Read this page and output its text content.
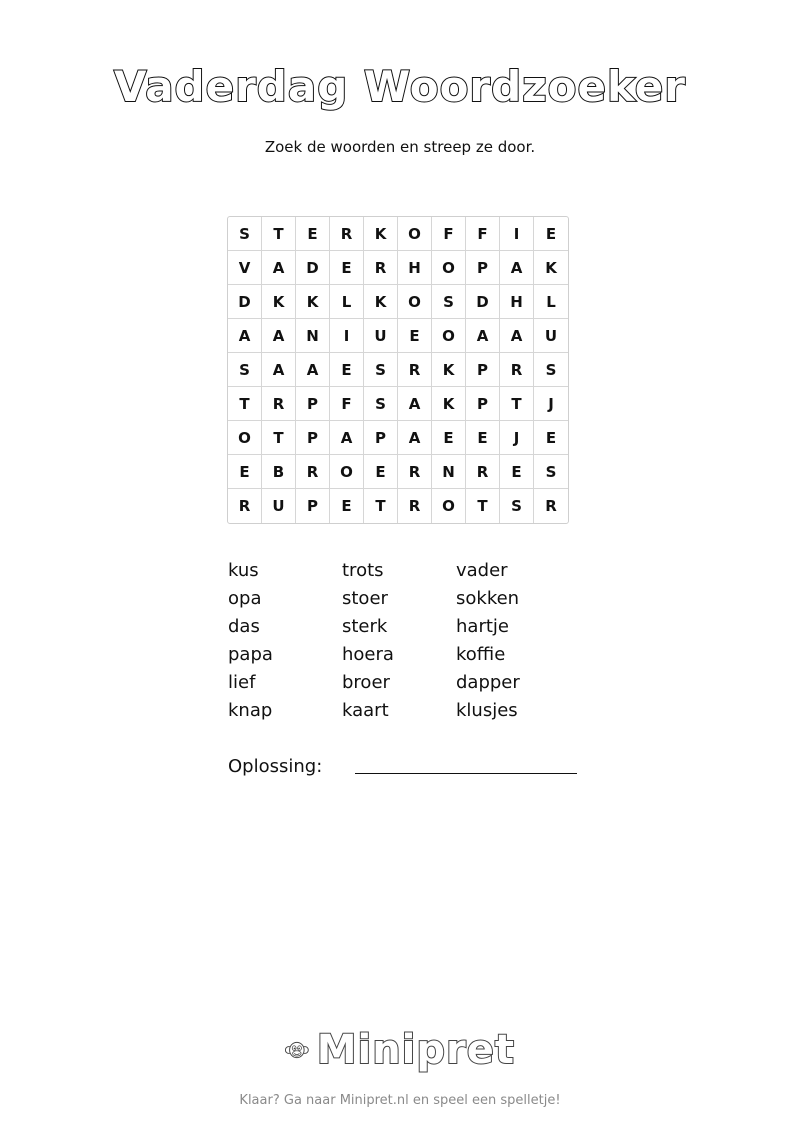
Vaderdag Woordzoeker
Zoek de woorden en streep ze door.
S	T	E	R	K	O	F	F	I	E
V	A	D	E	R	H	O	P	A	K
D	K	K	L	K	O	S	D	H	L
A	A	N	I	U	E	O	A	A	U
S	A	A	E	S	R	K	P	R	S
T	R	P	F	S	A	K	P	T	J
O	T	P	A	P	A	E	E	J	E
E	B	R	O	E	R	N	R	E	S
R	U	P	E	T	R	O	T	S	R
kus	trots	vader
opa	stoer	sokken
das	sterk	hartje
papa	hoera	koffie
lief	broer	dapper
knap	kaart	klusjes
Oplossing:
Minipret
Klaar? Ga naar Minipret.nl en speel een spelletje!
